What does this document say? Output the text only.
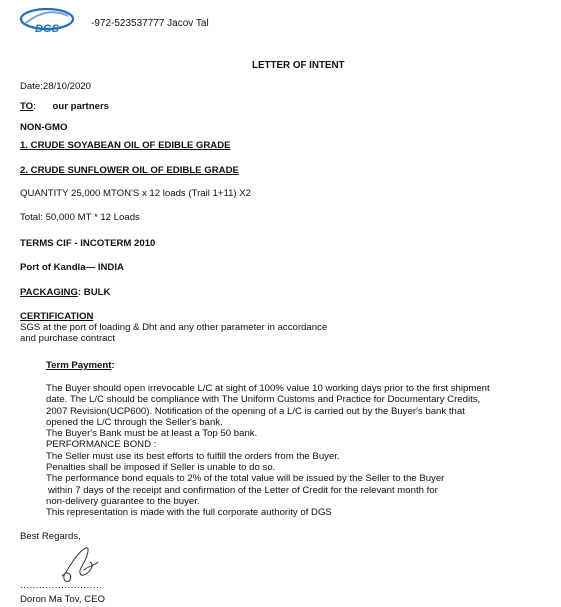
DGS	-972-523537777 Jacov Tal
LETTER OF INTENT
Date:28/10/2020
TO: our partners
NON-GMO
1. CRUDE SOYABEAN OIL OF EDIBLE GRADE
2. CRUDE SUNFLOWER OIL OF EDIBLE GRADE
QUANTITY 25,000 MTON'S x 12 loads (Trail 1+11) X2
Total: 50,000 MT * 12 Loads
TERMS CIF - INCOTERM 2010
Port of Kandla— INDIA
PACKAGING: BULK
CERTIFICATION
SGS at the port of loading & Dht and any other parameter in accordance
and purchase contract
Term Payment:
The Buyer should open irrevocable L/C at sight of 100% value 10 working days prior to the first shipment
date. The L/C should be compliance with The Uniform Customs and Practice for Documentary Credits,
2007 Revision(UCP600). Notification of the opening of a L/C is carried out by the Buyer's bank that
opened the L/C through the Seller's bank.
The Buyer's Bank must be at least a Top 50 bank.
PERFORMANCE BOND :
The Seller must use its best efforts to fulfill the orders from the Buyer.
Penalties shall be imposed if Seller is unable to do so.
The performance bond equals to 2% of the total value will be issued by the Seller to the Buyer
within 7 days of the receipt and confirmation of the Letter of Credit for the relevant month for
non-delivery guarantee to the buyer.
This representation is made with the full corporate authority of DGS
Best Regards,
..........................
Doron Ma Tov, CEO
